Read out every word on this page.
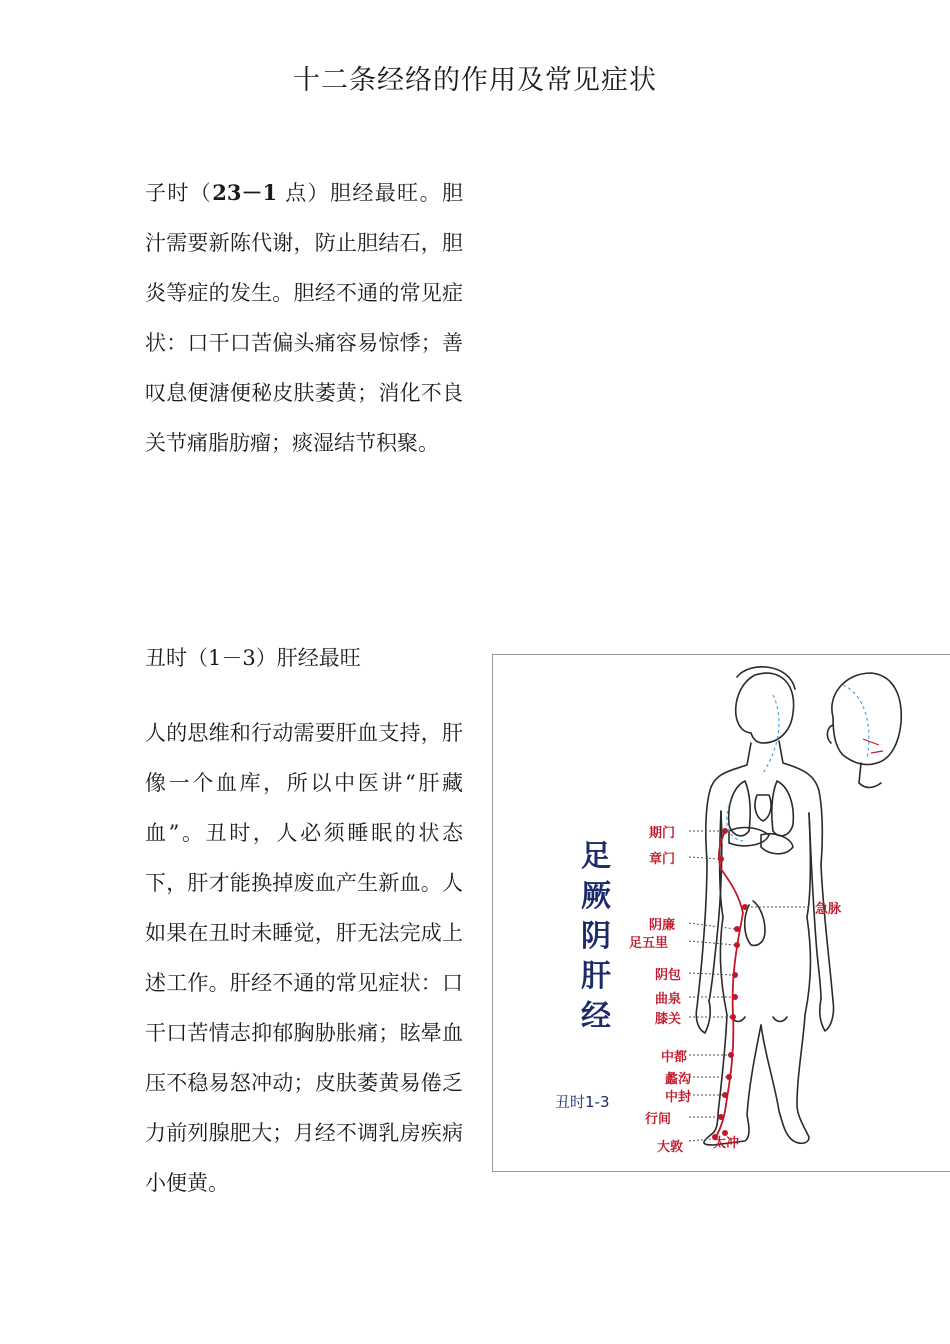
十二条经络的作用及常见症状

子时（23－1 点）胆经最旺。胆汁需要新陈代谢，防止胆结石，胆炎等症的发生。胆经不通的常见症状：口干口苦偏头痛容易惊悸；善叹息便溏便秘皮肤萎黄；消化不良关节痛脂肪瘤；痰湿结节积聚。

丑时（1－3）肝经最旺

人的思维和行动需要肝血支持，肝像一个血库，所以中医讲“肝藏血”。丑时，人必须睡眠的状态下，肝才能换掉废血产生新血。人如果在丑时未睡觉，肝无法完成上述工作。肝经不通的常见症状：口干口苦情志抑郁胸胁胀痛；眩晕血压不稳易怒冲动；皮肤萎黄易倦乏力前列腺肥大；月经不调乳房疾病小便黄。

足
厥
阴
肝
经
丑时1-3
期门
章门
急脉
阴廉
足五里
阴包
曲泉
膝关
中都
蠡沟
中封
行间
大敦 太冲
